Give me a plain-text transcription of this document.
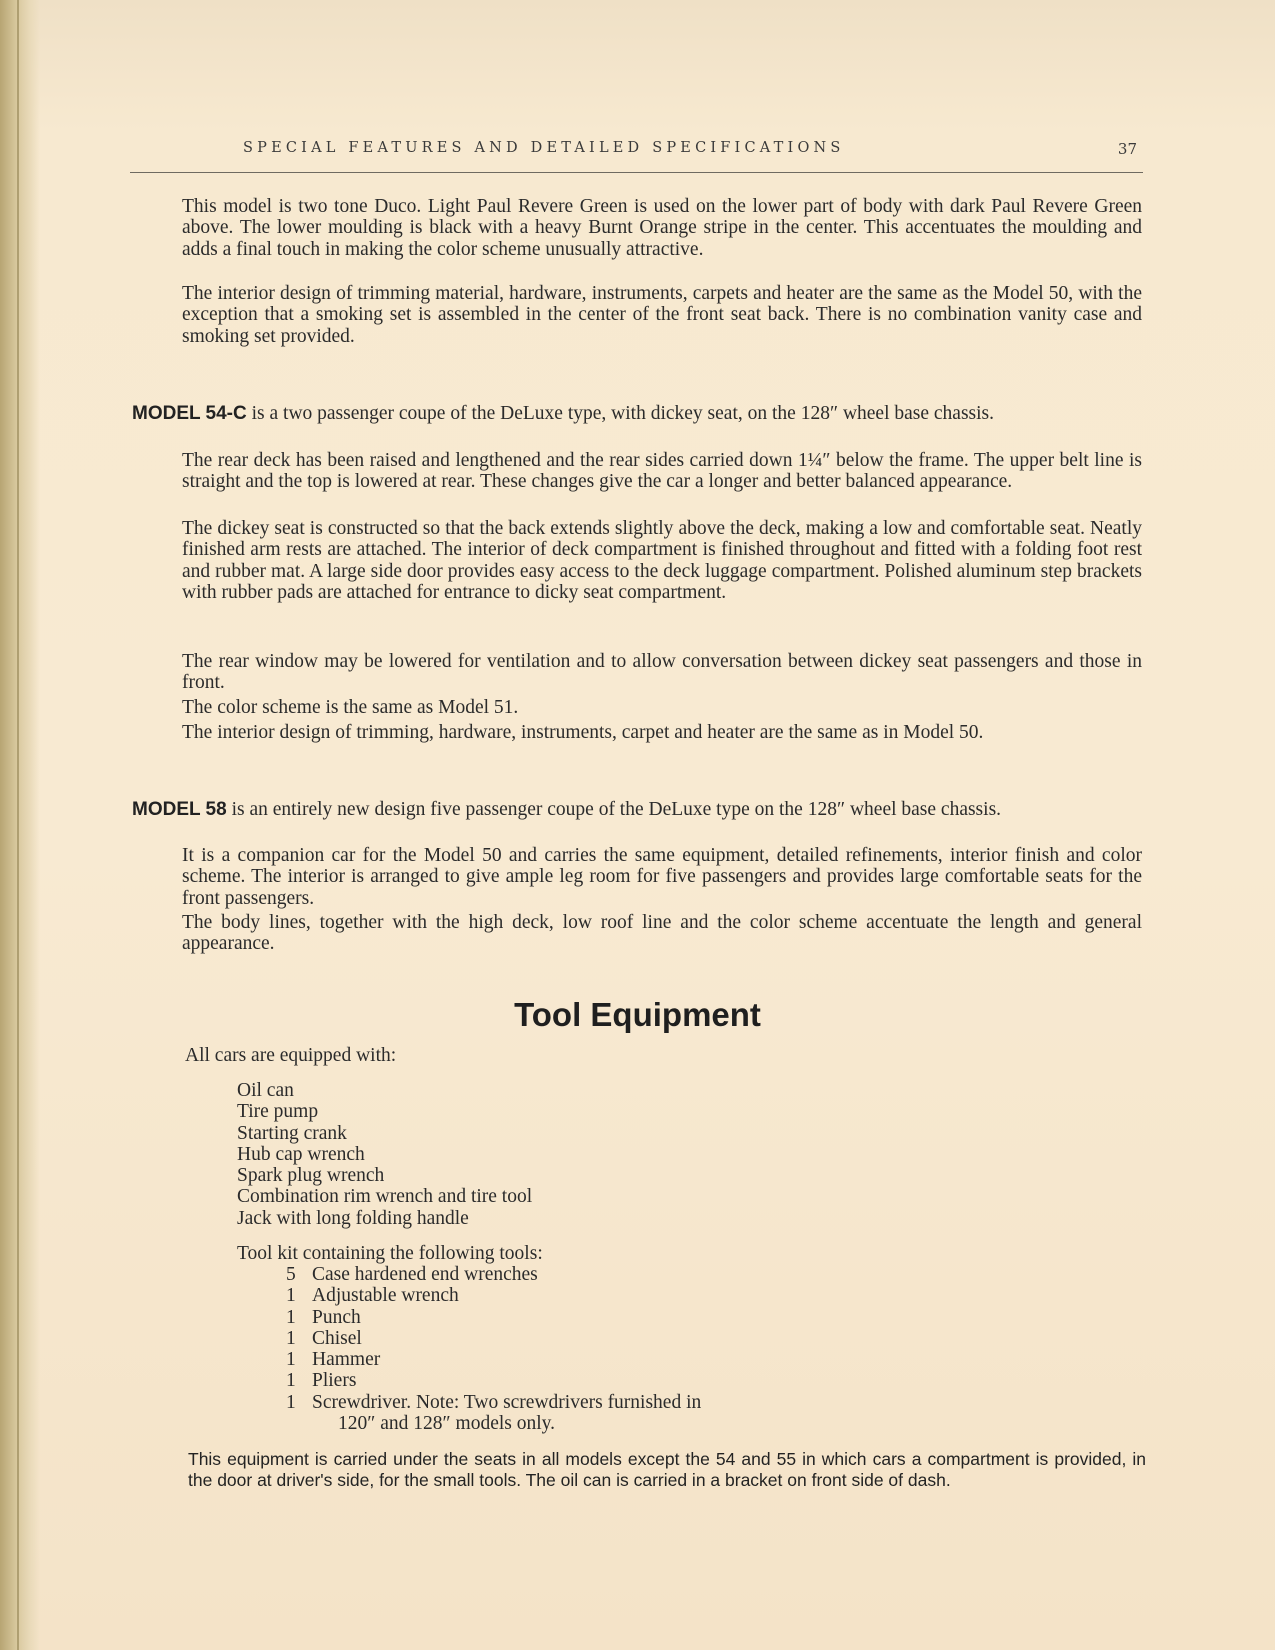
SPECIAL FEATURES AND DETAILED SPECIFICATIONS	37
This model is two tone Duco. Light Paul Revere Green is used on the lower part of body with dark Paul Revere Green above. The lower moulding is black with a heavy Burnt Orange stripe in the center. This accentuates the moulding and adds a final touch in making the color scheme unusually attractive.
The interior design of trimming material, hardware, instruments, carpets and heater are the same as the Model 50, with the exception that a smoking set is assembled in the center of the front seat back. There is no combination vanity case and smoking set provided.
MODEL 54-C is a two passenger coupe of the DeLuxe type, with dickey seat, on the 128″ wheel base chassis.
The rear deck has been raised and lengthened and the rear sides carried down 1¼″ below the frame. The upper belt line is straight and the top is lowered at rear. These changes give the car a longer and better balanced appearance.
The dickey seat is constructed so that the back extends slightly above the deck, making a low and comfortable seat. Neatly finished arm rests are attached. The interior of deck compartment is finished throughout and fitted with a folding foot rest and rubber mat. A large side door provides easy access to the deck luggage compartment. Polished aluminum step brackets with rubber pads are attached for entrance to dicky seat compartment.
The rear window may be lowered for ventilation and to allow conversation between dickey seat passengers and those in front.
The color scheme is the same as Model 51.
The interior design of trimming, hardware, instruments, carpet and heater are the same as in Model 50.
MODEL 58 is an entirely new design five passenger coupe of the DeLuxe type on the 128″ wheel base chassis.
It is a companion car for the Model 50 and carries the same equipment, detailed refinements, interior finish and color scheme. The interior is arranged to give ample leg room for five passengers and provides large comfortable seats for the front passengers.
The body lines, together with the high deck, low roof line and the color scheme accentuate the length and general appearance.
Tool Equipment
All cars are equipped with:
Oil can
Tire pump
Starting crank
Hub cap wrench
Spark plug wrench
Combination rim wrench and tire tool
Jack with long folding handle
Tool kit containing the following tools:
5 Case hardened end wrenches
1 Adjustable wrench
1 Punch
1 Chisel
1 Hammer
1 Pliers
1 Screwdriver. Note: Two screwdrivers furnished in
120″ and 128″ models only.
This equipment is carried under the seats in all models except the 54 and 55 in which cars a compartment is provided, in the door at driver's side, for the small tools. The oil can is carried in a bracket on front side of dash.
